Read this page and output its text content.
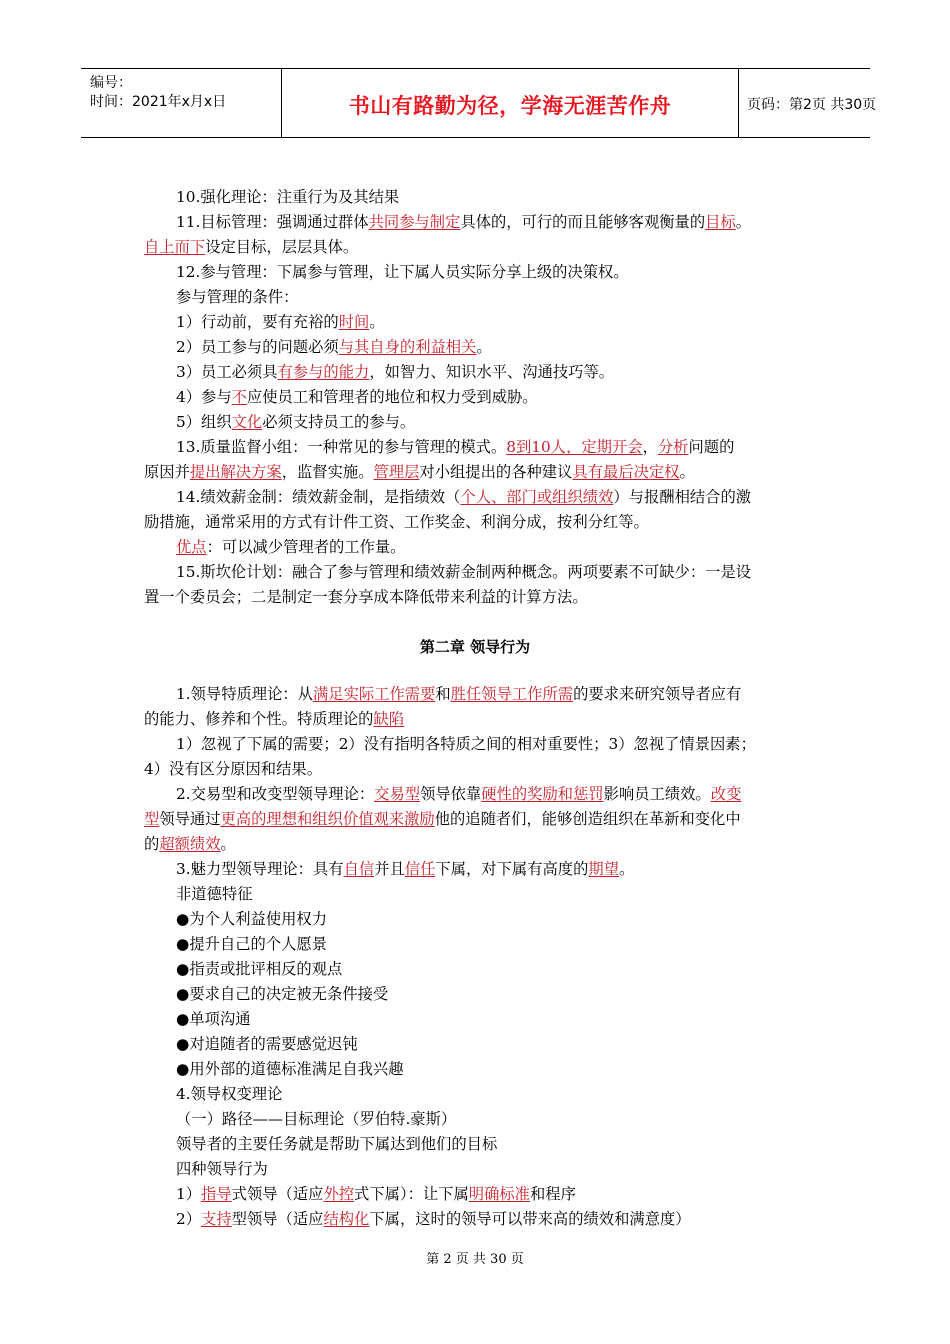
编号：
时间：2021年x月x日	书山有路勤为径，学海无涯苦作舟	页码：第2页 共30页
10.强化理论：注重行为及其结果
11.目标管理：强调通过群体共同参与制定具体的，可行的而且能够客观衡量的目标。
自上而下设定目标，层层具体。
12.参与管理：下属参与管理，让下属人员实际分享上级的决策权。
参与管理的条件：
1）行动前，要有充裕的时间。
2）员工参与的问题必须与其自身的利益相关。
3）员工必须具有参与的能力，如智力、知识水平、沟通技巧等。
4）参与不应使员工和管理者的地位和权力受到威胁。
5）组织文化必须支持员工的参与。
13.质量监督小组：一种常见的参与管理的模式。8到10人，定期开会，分析问题的
原因并提出解决方案，监督实施。管理层对小组提出的各种建议具有最后决定权。
14.绩效薪金制：绩效薪金制，是指绩效（个人、部门或组织绩效）与报酬相结合的激
励措施，通常采用的方式有计件工资、工作奖金、利润分成，按利分红等。
优点：可以减少管理者的工作量。
15.斯坎伦计划：融合了参与管理和绩效薪金制两种概念。两项要素不可缺少：一是设
置一个委员会；二是制定一套分享成本降低带来利益的计算方法。
1.领导特质理论：从满足实际工作需要和胜任领导工作所需的要求来研究领导者应有
的能力、修养和个性。特质理论的缺陷
1）忽视了下属的需要；2）没有指明各特质之间的相对重要性；3）忽视了情景因素；
4）没有区分原因和结果。
2.交易型和改变型领导理论：交易型领导依靠硬性的奖励和惩罚影响员工绩效。改变
型领导通过更高的理想和组织价值观来激励他的追随者们，能够创造组织在革新和变化中
的超额绩效。
3.魅力型领导理论：具有自信并且信任下属，对下属有高度的期望。
非道德特征
●为个人利益使用权力
●提升自己的个人愿景
●指责或批评相反的观点
●要求自己的决定被无条件接受
●单项沟通
●对追随者的需要感觉迟钝
●用外部的道德标准满足自我兴趣
4.领导权变理论
（一）路径——目标理论（罗伯特.豪斯）
领导者的主要任务就是帮助下属达到他们的目标
四种领导行为
1）指导式领导（适应外控式下属）：让下属明确标准和程序
2）支持型领导（适应结构化下属，这时的领导可以带来高的绩效和满意度）
第二章 领导行为
第 2 页 共 30 页
